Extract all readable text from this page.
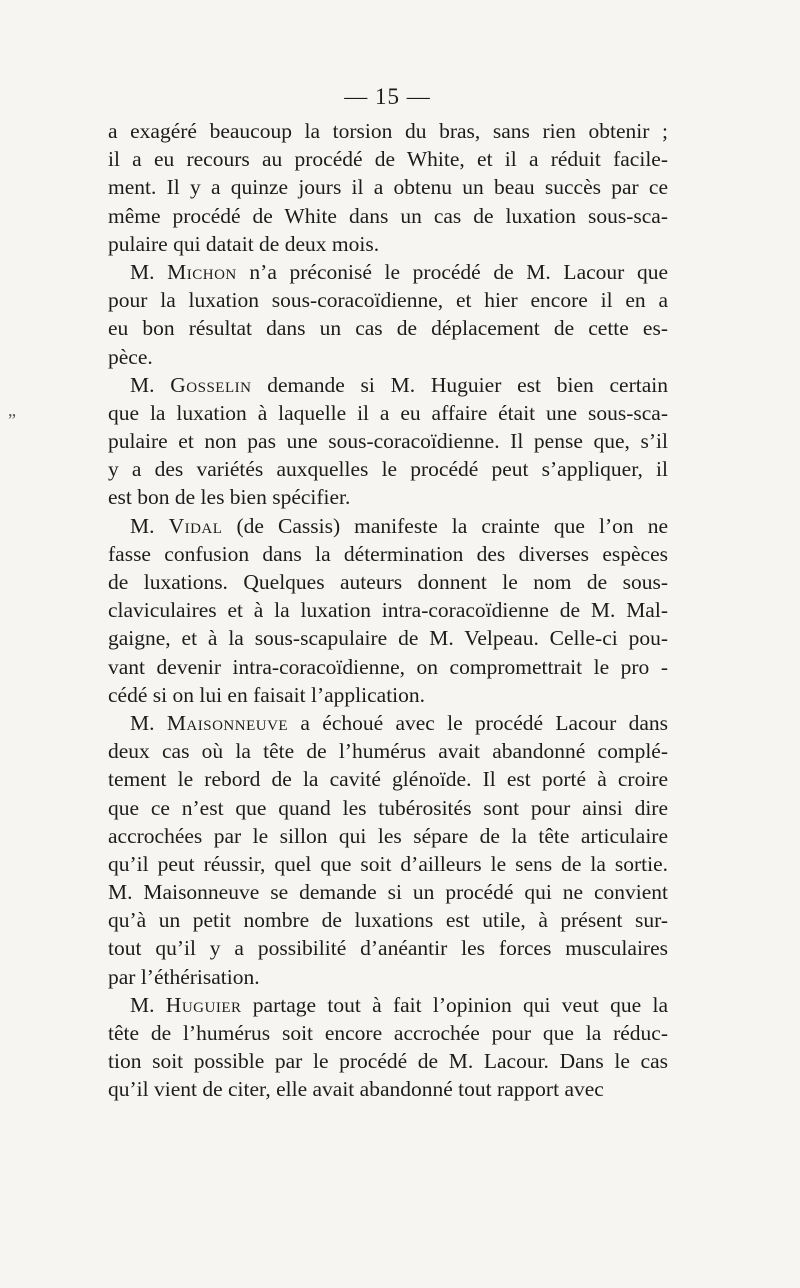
— 15 —
„
a exagéré beaucoup la torsion du bras, sans rien obtenir ;
il a eu recours au procédé de White, et il a réduit facile-
ment. Il y a quinze jours il a obtenu un beau succès par ce
même procédé de White dans un cas de luxation sous-sca-
pulaire qui datait de deux mois.
M. Michon n’a préconisé le procédé de M. Lacour que
pour la luxation sous-coracoïdienne, et hier encore il en a
eu bon résultat dans un cas de déplacement de cette es-
pèce.
M. Gosselin demande si M. Huguier est bien certain
que la luxation à laquelle il a eu affaire était une sous-sca-
pulaire et non pas une sous-coracoïdienne. Il pense que, s’il
y a des variétés auxquelles le procédé peut s’appliquer, il
est bon de les bien spécifier.
M. Vidal (de Cassis) manifeste la crainte que l’on ne
fasse confusion dans la détermination des diverses espèces
de luxations. Quelques auteurs donnent le nom de sous-
claviculaires et à la luxation intra-coracoïdienne de M. Mal-
gaigne, et à la sous-scapulaire de M. Velpeau. Celle-ci pou-
vant devenir intra-coracoïdienne, on compromettrait le pro -
cédé si on lui en faisait l’application.
M. Maisonneuve a échoué avec le procédé Lacour dans
deux cas où la tête de l’humérus avait abandonné complé-
tement le rebord de la cavité glénoïde. Il est porté à croire
que ce n’est que quand les tubérosités sont pour ainsi dire
accrochées par le sillon qui les sépare de la tête articulaire
qu’il peut réussir, quel que soit d’ailleurs le sens de la sortie.
M. Maisonneuve se demande si un procédé qui ne convient
qu’à un petit nombre de luxations est utile, à présent sur-
tout qu’il y a possibilité d’anéantir les forces musculaires
par l’éthérisation.
M. Huguier partage tout à fait l’opinion qui veut que la
tête de l’humérus soit encore accrochée pour que la réduc-
tion soit possible par le procédé de M. Lacour. Dans le cas
qu’il vient de citer, elle avait abandonné tout rapport avec
